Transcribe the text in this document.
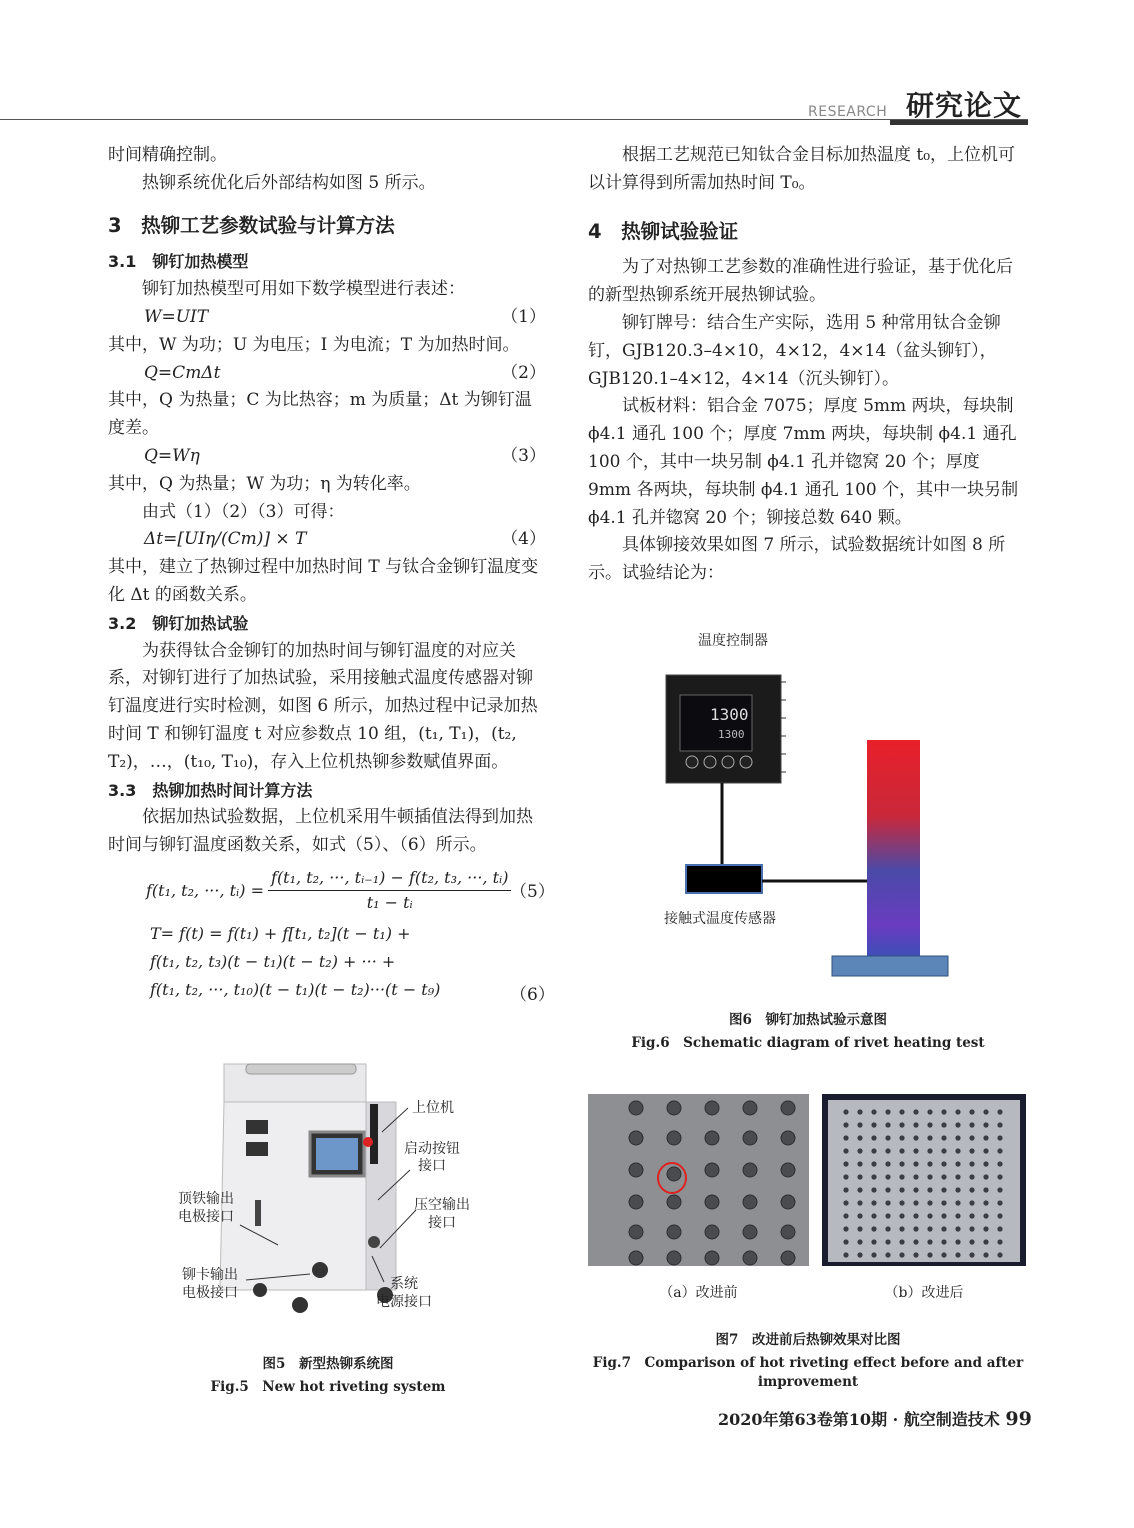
RESEARCH 研究论文

时间精确控制。

热铆系统优化后外部结构如图 5 所示。

3　热铆工艺参数试验与计算方法

3.1　铆钉加热模型

铆钉加热模型可用如下数学模型进行表述：

W=UIT	（1）

其中，W 为功；U 为电压；I 为电流；T 为加热时间。

Q=CmΔt	（2）

其中，Q 为热量；C 为比热容；m 为质量；Δt 为铆钉温度差。

Q=Wη	（3）

其中，Q 为热量；W 为功；η 为转化率。

由式（1）（2）（3）可得：

Δt=[UIη/(Cm)] × T	（4）

其中，建立了热铆过程中加热时间 T 与钛合金铆钉温度变化 Δt 的函数关系。

3.2　铆钉加热试验

为获得钛合金铆钉的加热时间与铆钉温度的对应关系，对铆钉进行了加热试验，采用接触式温度传感器对铆钉温度进行实时检测，如图 6 所示，加热过程中记录加热时间 T 和铆钉温度 t 对应参数点 10 组，(t₁, T₁)，(t₂, T₂)，…，(t₁₀, T₁₀)，存入上位机热铆参数赋值界面。

3.3　热铆加热时间计算方法

依据加热试验数据，上位机采用牛顿插值法得到加热时间与铆钉温度函数关系，如式（5）、（6）所示。

f(t₁, t₂, ···, tᵢ) = $\frac{\text{f(t₁, t₂, ···, tᵢ₋₁) − f(t₂, t₃, ···, tᵢ)}}{\text{t₁ − tᵢ}}$
（5）
T= f(t) = f(t₁) + f[t₁, t₂](t − t₁) +
f(t₁, t₂, t₃)(t − t₁)(t − t₂) + ··· +
f(t₁, t₂, ···, t₁₀)(t − t₁)(t − t₂)···(t − t₉)	（6）

根据工艺规范已知钛合金目标加热温度 t₀，上位机可以计算得到所需加热时间 T₀。

4　热铆试验验证

为了对热铆工艺参数的准确性进行验证，基于优化后的新型热铆系统开展热铆试验。

铆钉牌号：结合生产实际，选用 5 种常用钛合金铆钉，GJB120.3–4×10，4×12，4×14（盆头铆钉），GJB120.1–4×12，4×14（沉头铆钉）。

试板材料：铝合金 7075；厚度 5mm 两块，每块制 ϕ4.1 通孔 100 个；厚度 7mm 两块，每块制 ϕ4.1 通孔 100 个，其中一块另制 ϕ4.1 孔并锪窝 20 个；厚度 9mm 各两块，每块制 ϕ4.1 通孔 100 个，其中一块另制 ϕ4.1 孔并锪窝 20 个；铆接总数 640 颗。

具体铆接效果如图 7 所示，试验数据统计如图 8 所示。试验结论为：

温度控制器
1300
1300
接触式温度传感器
图6　铆钉加热试验示意图
Fig.6　Schematic diagram of rivet heating test
上位机
启动按钮
接口
顶铁输出
电极接口
压空输出
接口
铆卡输出
电极接口
系统
电源接口
图5　新型热铆系统图
Fig.5　New hot riveting system
（a）改进前	（b）改进后
图7　改进前后热铆效果对比图
Fig.7　Comparison of hot riveting effect before and after
improvement
2020年第63卷第10期 · 航空制造技术 99
